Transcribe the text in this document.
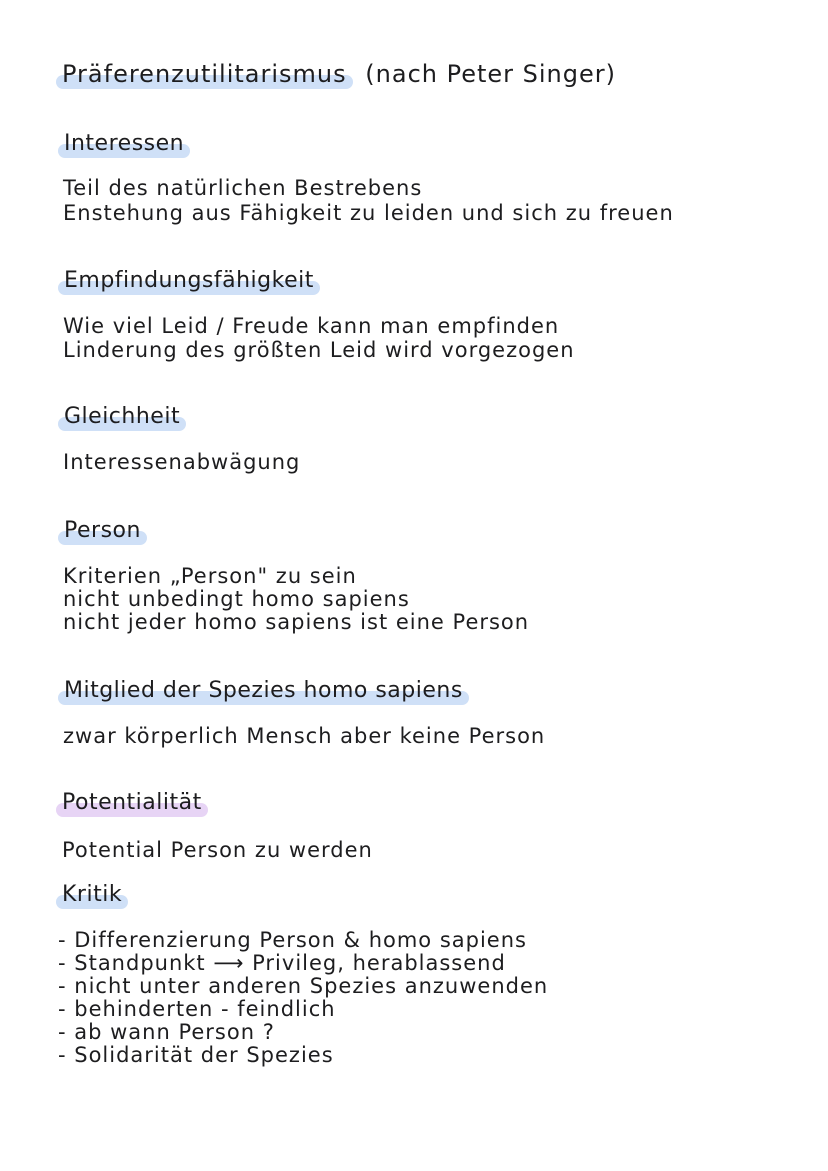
Präferenzutilitarismus (nach Peter Singer)
Interessen
Teil des natürlichen Bestrebens
Enstehung aus Fähigkeit zu leiden und sich zu freuen
Empfindungsfähigkeit
Wie viel Leid / Freude kann man empfinden
Linderung des größten Leid wird vorgezogen
Gleichheit
Interessenabwägung
Person
Kriterien „Person" zu sein
nicht unbedingt homo sapiens
nicht jeder homo sapiens ist eine Person
Mitglied der Spezies homo sapiens
zwar körperlich Mensch aber keine Person
Potentialität
Potential Person zu werden
Kritik
- Differenzierung Person & homo sapiens
- Standpunkt ⟶ Privileg, herablassend
- nicht unter anderen Spezies anzuwenden
- behinderten - feindlich
- ab wann Person ?
- Solidarität der Spezies
